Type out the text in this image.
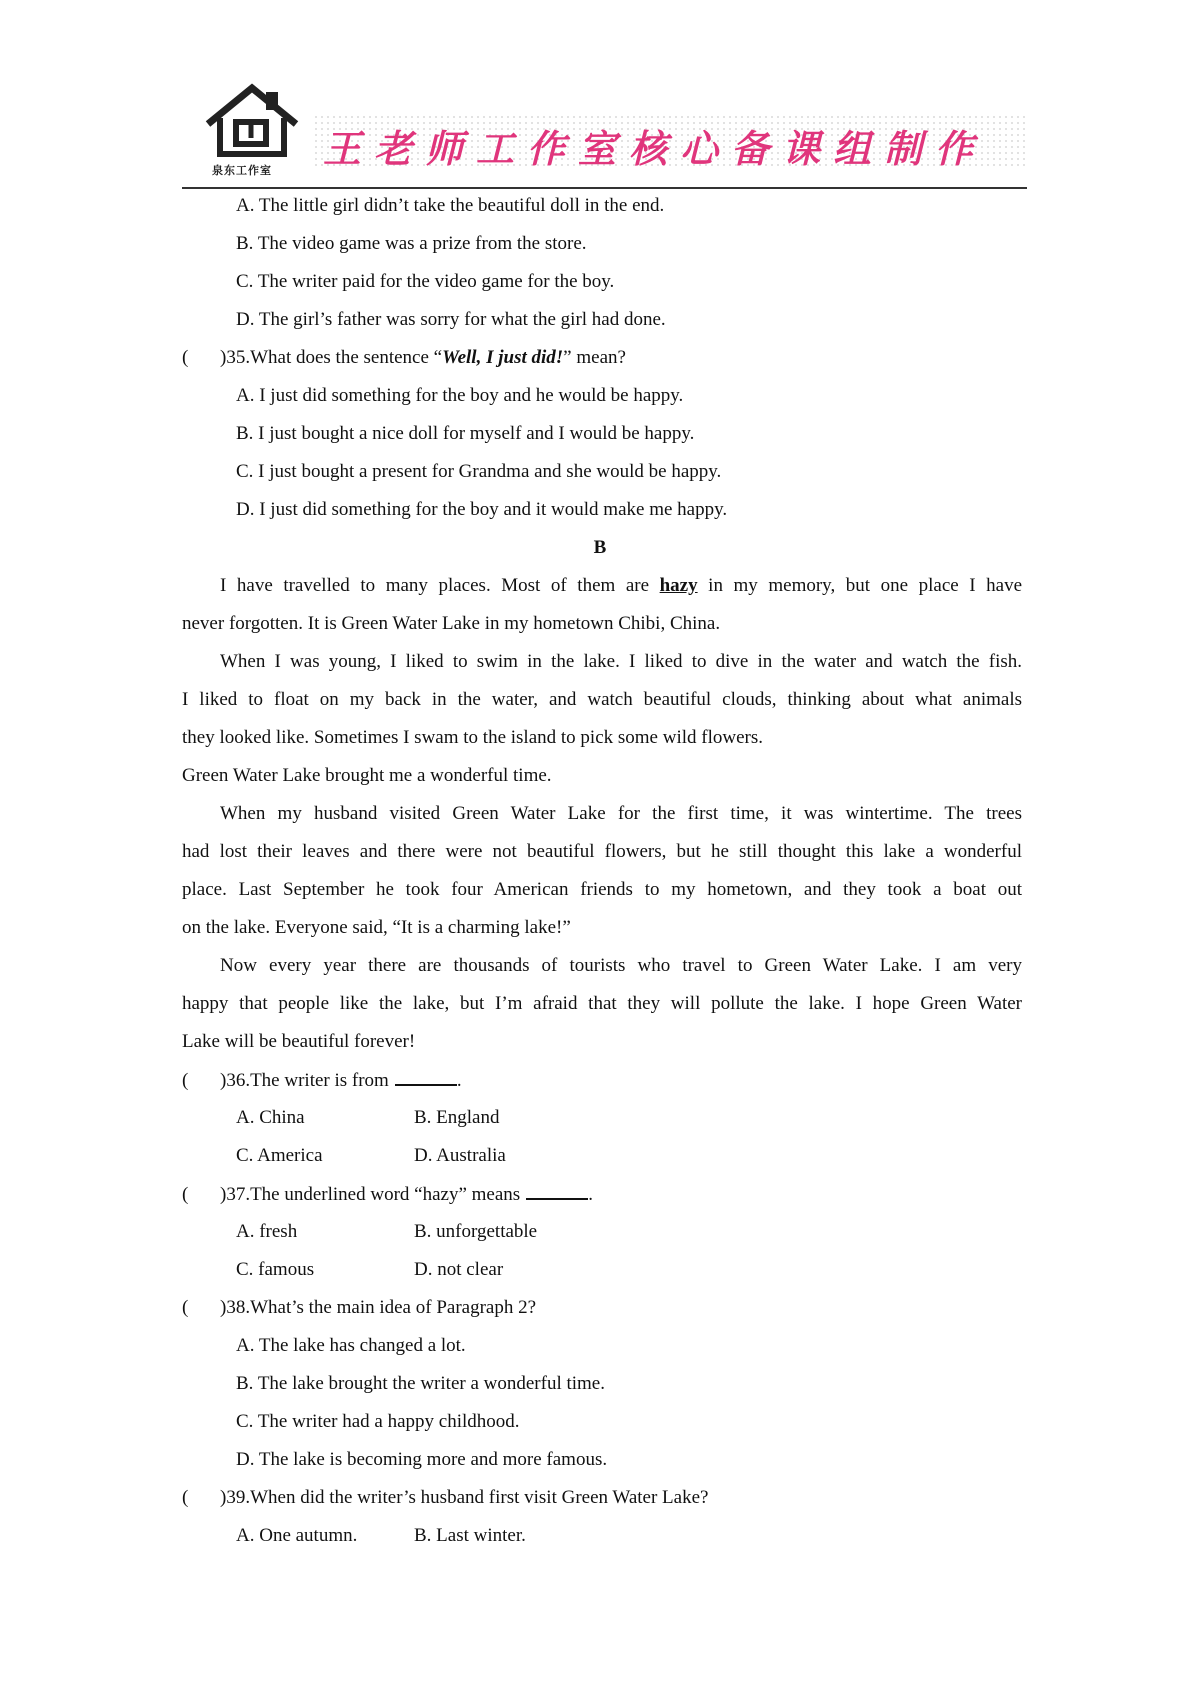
泉东工作室 王老师工作室核心备课组制作
A. The little girl didn’t take the beautiful doll in the end.
B. The video game was a prize from the store.
C. The writer paid for the video game for the boy.
D. The girl’s father was sorry for what the girl had done.
( )35.What does the sentence “Well, I just did!” mean?
A. I just did something for the boy and he would be happy.
B. I just bought a nice doll for myself and I would be happy.
C. I just bought a present for Grandma and she would be happy.
D. I just did something for the boy and it would make me happy.
B
I have travelled to many places. Most of them are hazy in my memory, but one place I have
never forgotten. It is Green Water Lake in my hometown Chibi, China.
When I was young, I liked to swim in the lake. I liked to dive in the water and watch the fish.
I liked to float on my back in the water, and watch beautiful clouds, thinking about what animals
they looked like. Sometimes I swam to the island to pick some wild flowers.
Green Water Lake brought me a wonderful time.
When my husband visited Green Water Lake for the first time, it was wintertime. The trees
had lost their leaves and there were not beautiful flowers, but he still thought this lake a wonderful
place. Last September he took four American friends to my hometown, and they took a boat out
on the lake. Everyone said, “It is a charming lake!”
Now every year there are thousands of tourists who travel to Green Water Lake. I am very
happy that people like the lake, but I’m afraid that they will pollute the lake. I hope Green Water
Lake will be beautiful forever!
( )36.The writer is from	.
A. China	B. England
C. America	D. Australia
( )37.The underlined word “hazy” means	.
A. fresh	B. unforgettable
C. famous	D. not clear
( )38.What’s the main idea of Paragraph 2?
A. The lake has changed a lot.
B. The lake brought the writer a wonderful time.
C. The writer had a happy childhood.
D. The lake is becoming more and more famous.
( )39.When did the writer’s husband first visit Green Water Lake?
A. One autumn.	B. Last winter.
